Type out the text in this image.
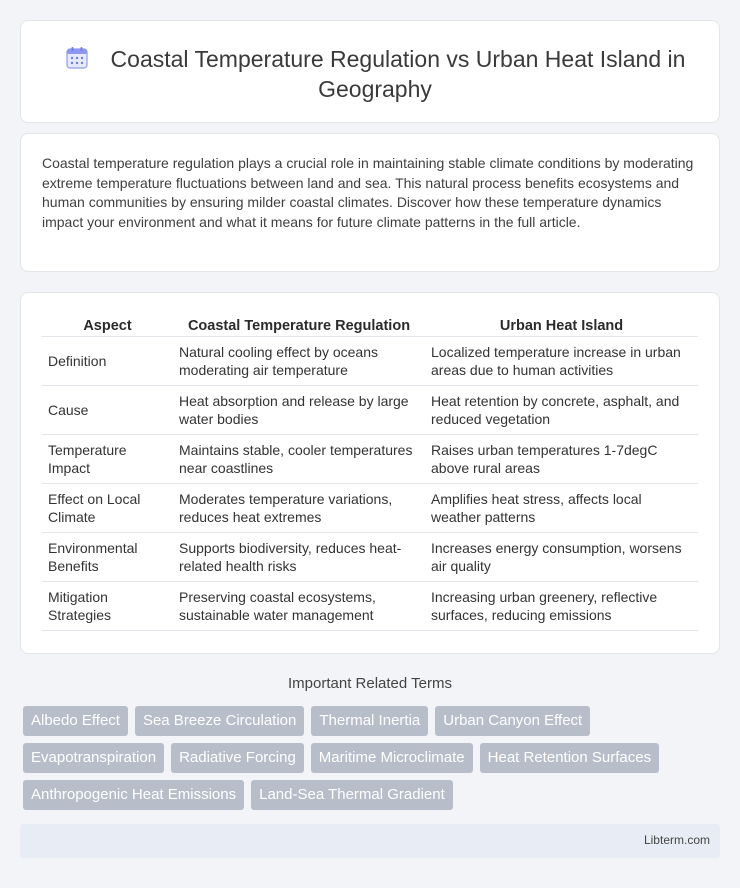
Coastal Temperature Regulation vs Urban Heat Island in Geography

Coastal temperature regulation plays a crucial role in maintaining stable climate conditions by moderating extreme temperature fluctuations between land and sea. This natural process benefits ecosystems and human communities by ensuring milder coastal climates. Discover how these temperature dynamics impact your environment and what it means for future climate patterns in the full article.

Aspect	Coastal Temperature Regulation	Urban Heat Island
Definition	Natural cooling effect by oceans moderating air temperature	Localized temperature increase in urban areas due to human activities
Cause	Heat absorption and release by large water bodies	Heat retention by concrete, asphalt, and reduced vegetation
Temperature Impact	Maintains stable, cooler temperatures near coastlines	Raises urban temperatures 1-7degC above rural areas
Effect on Local Climate	Moderates temperature variations, reduces heat extremes	Amplifies heat stress, affects local weather patterns
Environmental Benefits	Supports biodiversity, reduces heat-related health risks	Increases energy consumption, worsens air quality
Mitigation Strategies	Preserving coastal ecosystems, sustainable water management	Increasing urban greenery, reflective surfaces, reducing emissions
Important Related Terms
Albedo Effect	Sea Breeze Circulation	Thermal Inertia	Urban Canyon Effect
Evapotranspiration	Radiative Forcing	Maritime Microclimate	Heat Retention Surfaces
Anthropogenic Heat Emissions	Land-Sea Thermal Gradient
Libterm.com
